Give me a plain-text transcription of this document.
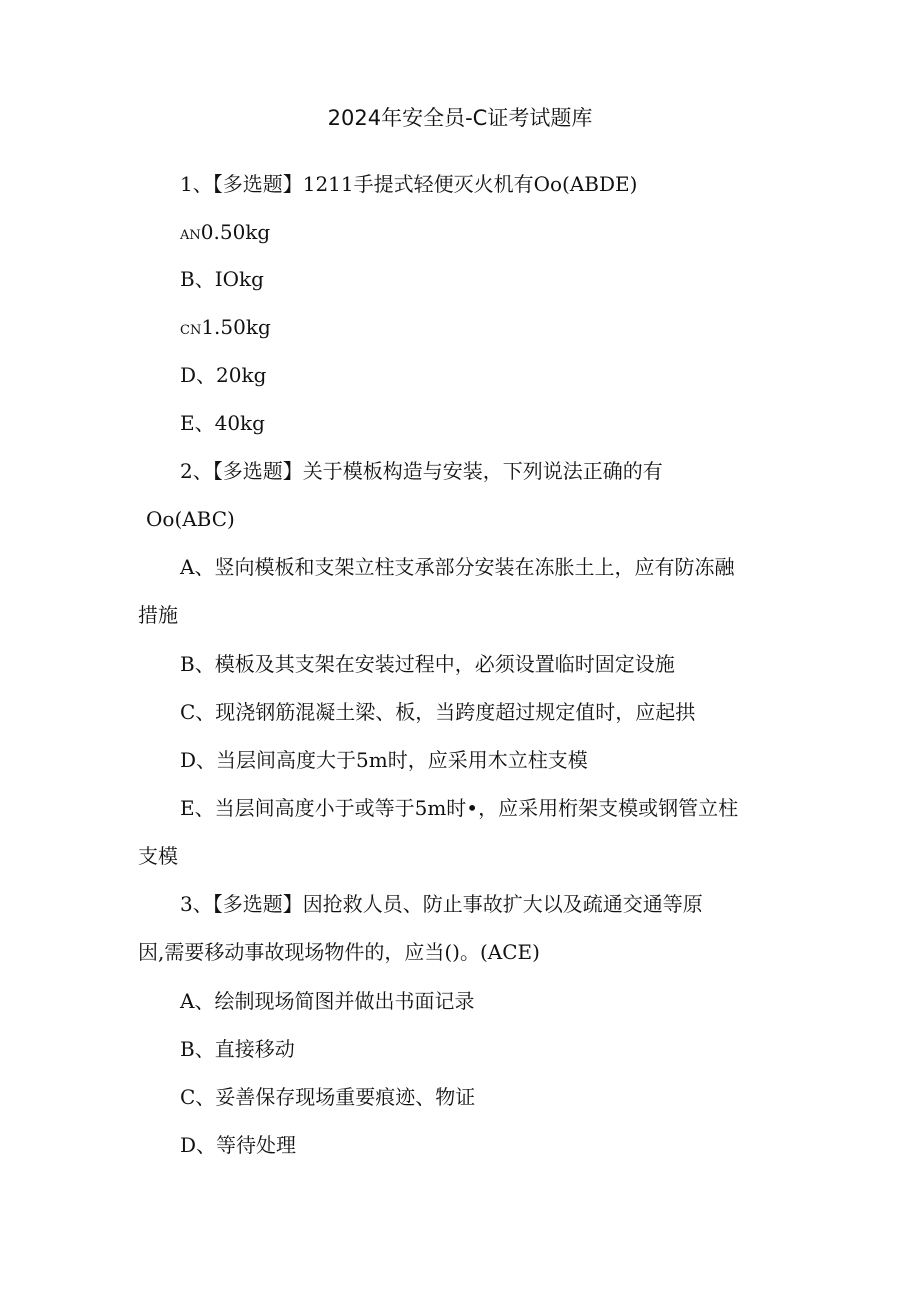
2024年安全员-C证考试题库
1、【多选题】1211手提式轻便灭火机有Oo(ABDE)
AN0.50kg
B、IOkg
CN1.50kg
D、20kg
E、40kg
2、【多选题】关于模板构造与安装，下列说法正确的有
Oo(ABC)
A、竖向模板和支架立柱支承部分安装在冻胀土上，应有防冻融
措施
B、模板及其支架在安装过程中，必须设置临时固定设施
C、现浇钢筋混凝土梁、板，当跨度超过规定值时，应起拱
D、当层间高度大于5m时，应采用木立柱支模
E、当层间高度小于或等于5m时•，应采用桁架支模或钢管立柱
支模
3、【多选题】因抢救人员、防止事故扩大以及疏通交通等原
因,需要移动事故现场物件的，应当()。(ACE)
A、绘制现场简图并做出书面记录
B、直接移动
C、妥善保存现场重要痕迹、物证
D、等待处理
